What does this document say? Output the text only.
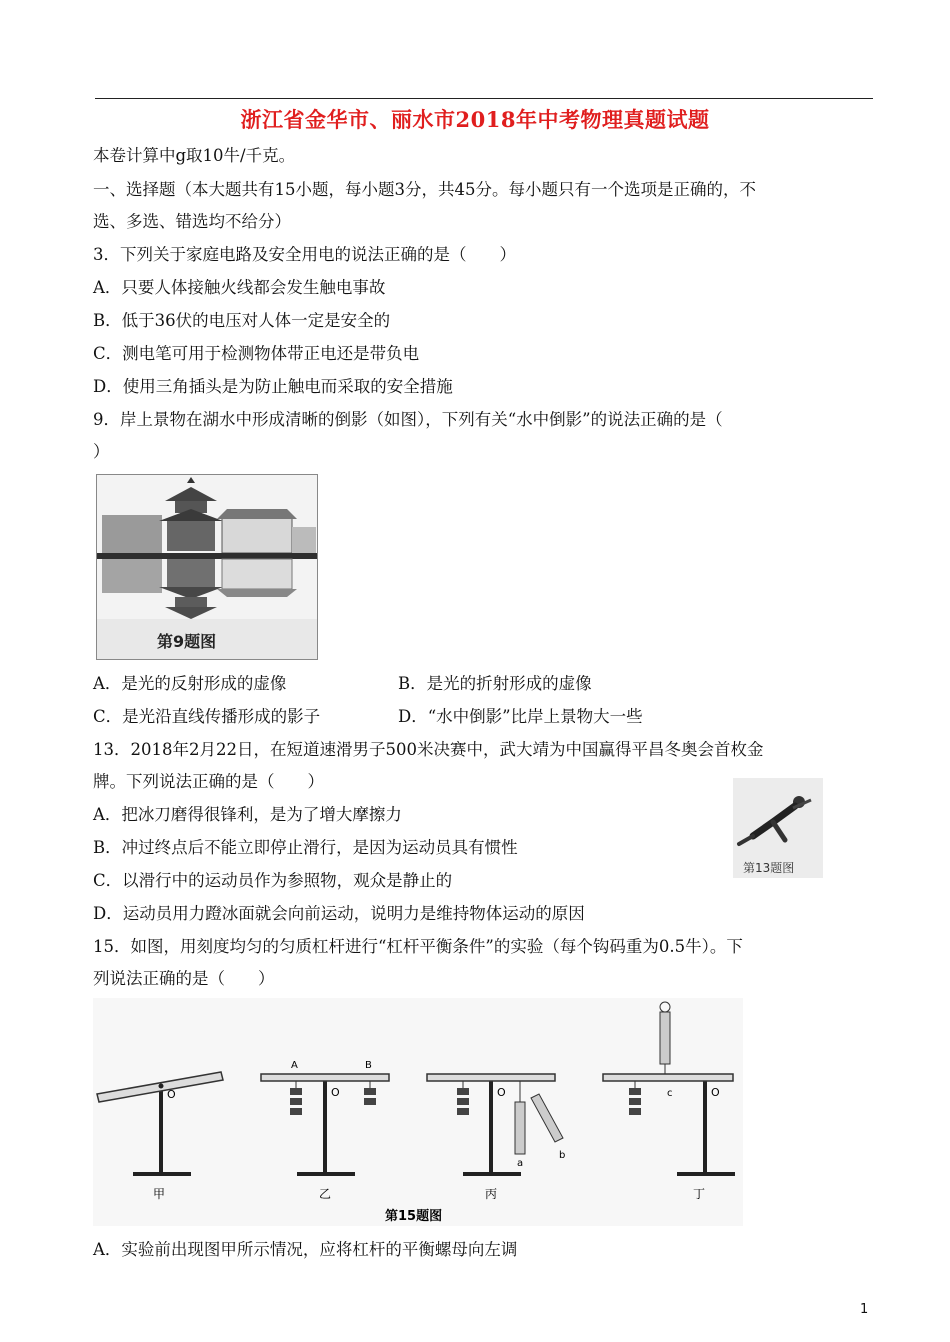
浙江省金华市、丽水市2018年中考物理真题试题
本卷计算中g取10牛/千克。
一、选择题（本大题共有15小题，每小题3分，共45分。每小题只有一个选项是正确的，不
选、多选、错选均不给分）
3．下列关于家庭电路及安全用电的说法正确的是（　　）
A．只要人体接触火线都会发生触电事故
B．低于36伏的电压对人体一定是安全的
C．测电笔可用于检测物体带正电还是带负电
D．使用三角插头是为防止触电而采取的安全措施
9．岸上景物在湖水中形成清晰的倒影（如图），下列有关“水中倒影”的说法正确的是（
）
第9题图
A．是光的反射形成的虚像	B．是光的折射形成的虚像
C．是光沿直线传播形成的影子	D．“水中倒影”比岸上景物大一些
13．2018年2月22日，在短道速滑男子500米决赛中，武大靖为中国赢得平昌冬奥会首枚金
牌。下列说法正确的是（　　）
第13题图
A．把冰刀磨得很锋利，是为了增大摩擦力
B．冲过终点后不能立即停止滑行，是因为运动员具有惯性
C．以滑行中的运动员作为参照物，观众是静止的
D．运动员用力蹬冰面就会向前运动，说明力是维持物体运动的原因
15．如图，用刻度均匀的匀质杠杆进行“杠杆平衡条件”的实验（每个钩码重为0.5牛）。下
列说法正确的是（　　）
O
甲
A	B
O
乙
O
a
b
丙
c	O
丁
第15题图
A．实验前出现图甲所示情况，应将杠杆的平衡螺母向左调
1
